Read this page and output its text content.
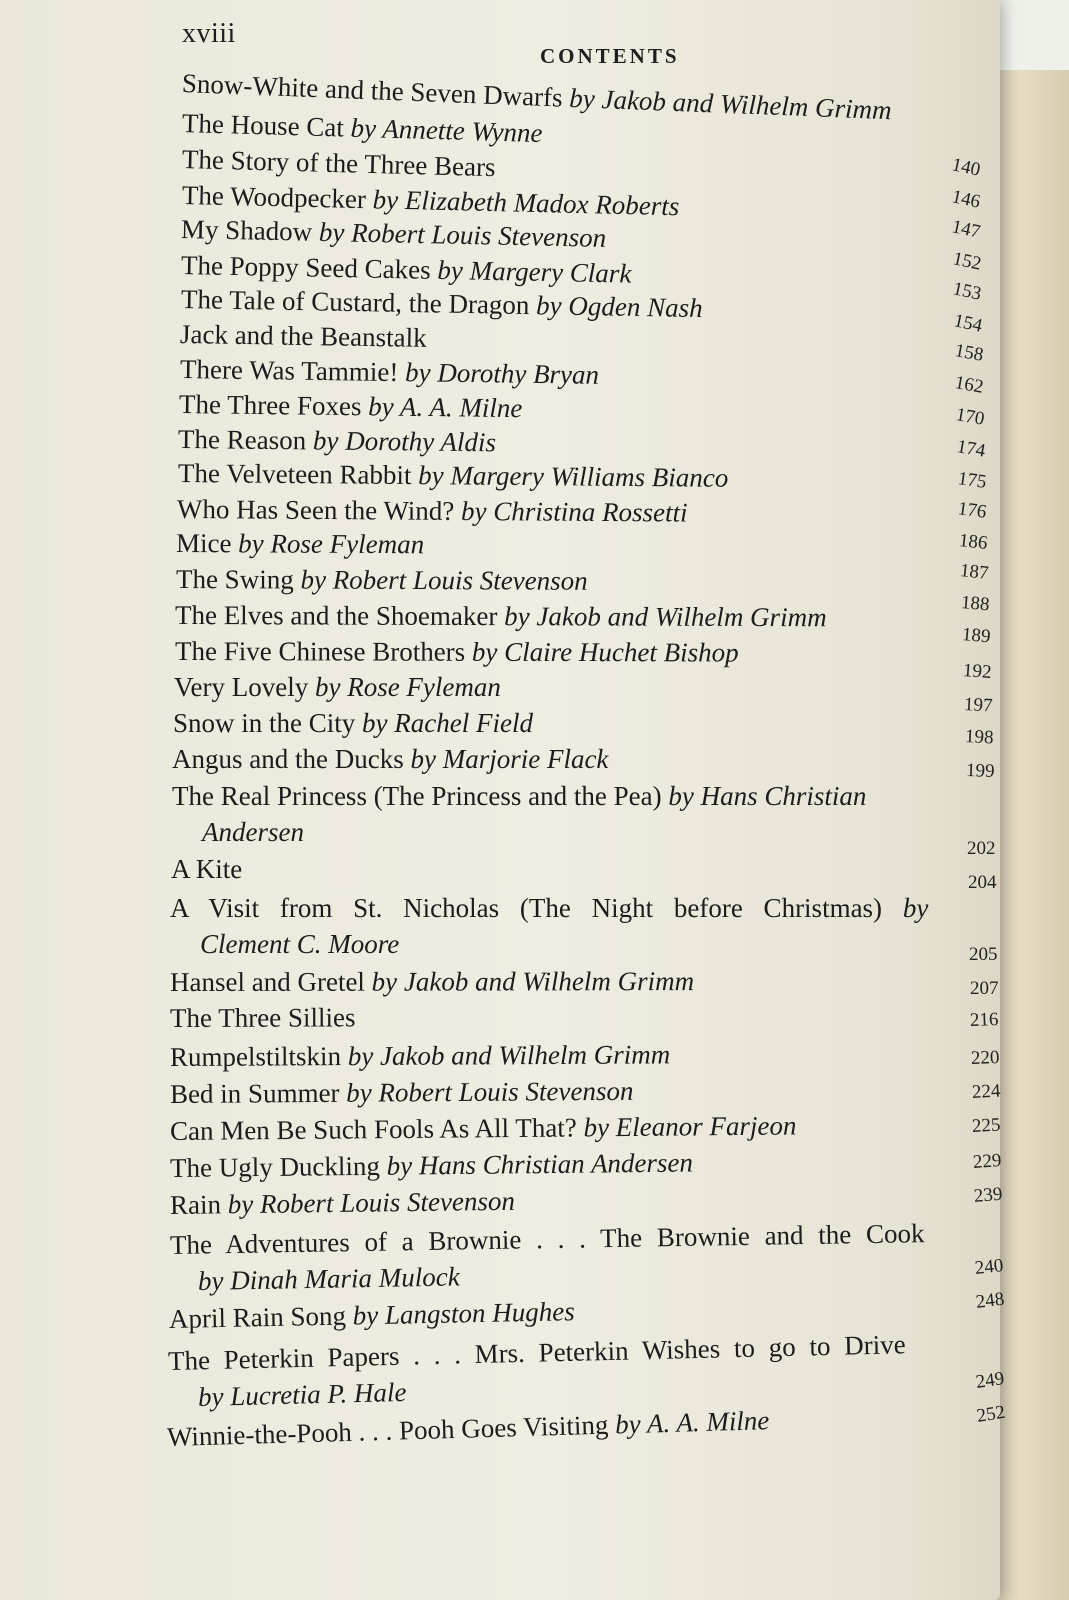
xviii
CONTENTS
Snow-White and the Seven Dwarfs by Jakob and Wilhelm Grimm
The House Cat by Annette Wynne
The Story of the Three Bears
The Woodpecker by Elizabeth Madox Roberts
My Shadow by Robert Louis Stevenson
The Poppy Seed Cakes by Margery Clark
The Tale of Custard, the Dragon by Ogden Nash
Jack and the Beanstalk
There Was Tammie! by Dorothy Bryan
The Three Foxes by A. A. Milne
The Reason by Dorothy Aldis
The Velveteen Rabbit by Margery Williams Bianco
Who Has Seen the Wind? by Christina Rossetti
Mice by Rose Fyleman
The Swing by Robert Louis Stevenson
The Elves and the Shoemaker by Jakob and Wilhelm Grimm
The Five Chinese Brothers by Claire Huchet Bishop
Very Lovely by Rose Fyleman
Snow in the City by Rachel Field
Angus and the Ducks by Marjorie Flack
The Real Princess (The Princess and the Pea) by Hans Christian
Andersen
A Kite
A Visit from St. Nicholas (The Night before Christmas) by
Clement C. Moore
Hansel and Gretel by Jakob and Wilhelm Grimm
The Three Sillies
Rumpelstiltskin by Jakob and Wilhelm Grimm
Bed in Summer by Robert Louis Stevenson
Can Men Be Such Fools As All That? by Eleanor Farjeon
The Ugly Duckling by Hans Christian Andersen
Rain by Robert Louis Stevenson
The Adventures of a Brownie . . . The Brownie and the Cook
by Dinah Maria Mulock
April Rain Song by Langston Hughes
The Peterkin Papers . . . Mrs. Peterkin Wishes to go to Drive
by Lucretia P. Hale
Winnie-the-Pooh . . . Pooh Goes Visiting by A. A. Milne
140
146
147
152
153
154
158
162
170
174
175
176
186
187
188
189
192
197
198
199
202
204
205
207
216
220
224
225
229
239
240
248
249
252
